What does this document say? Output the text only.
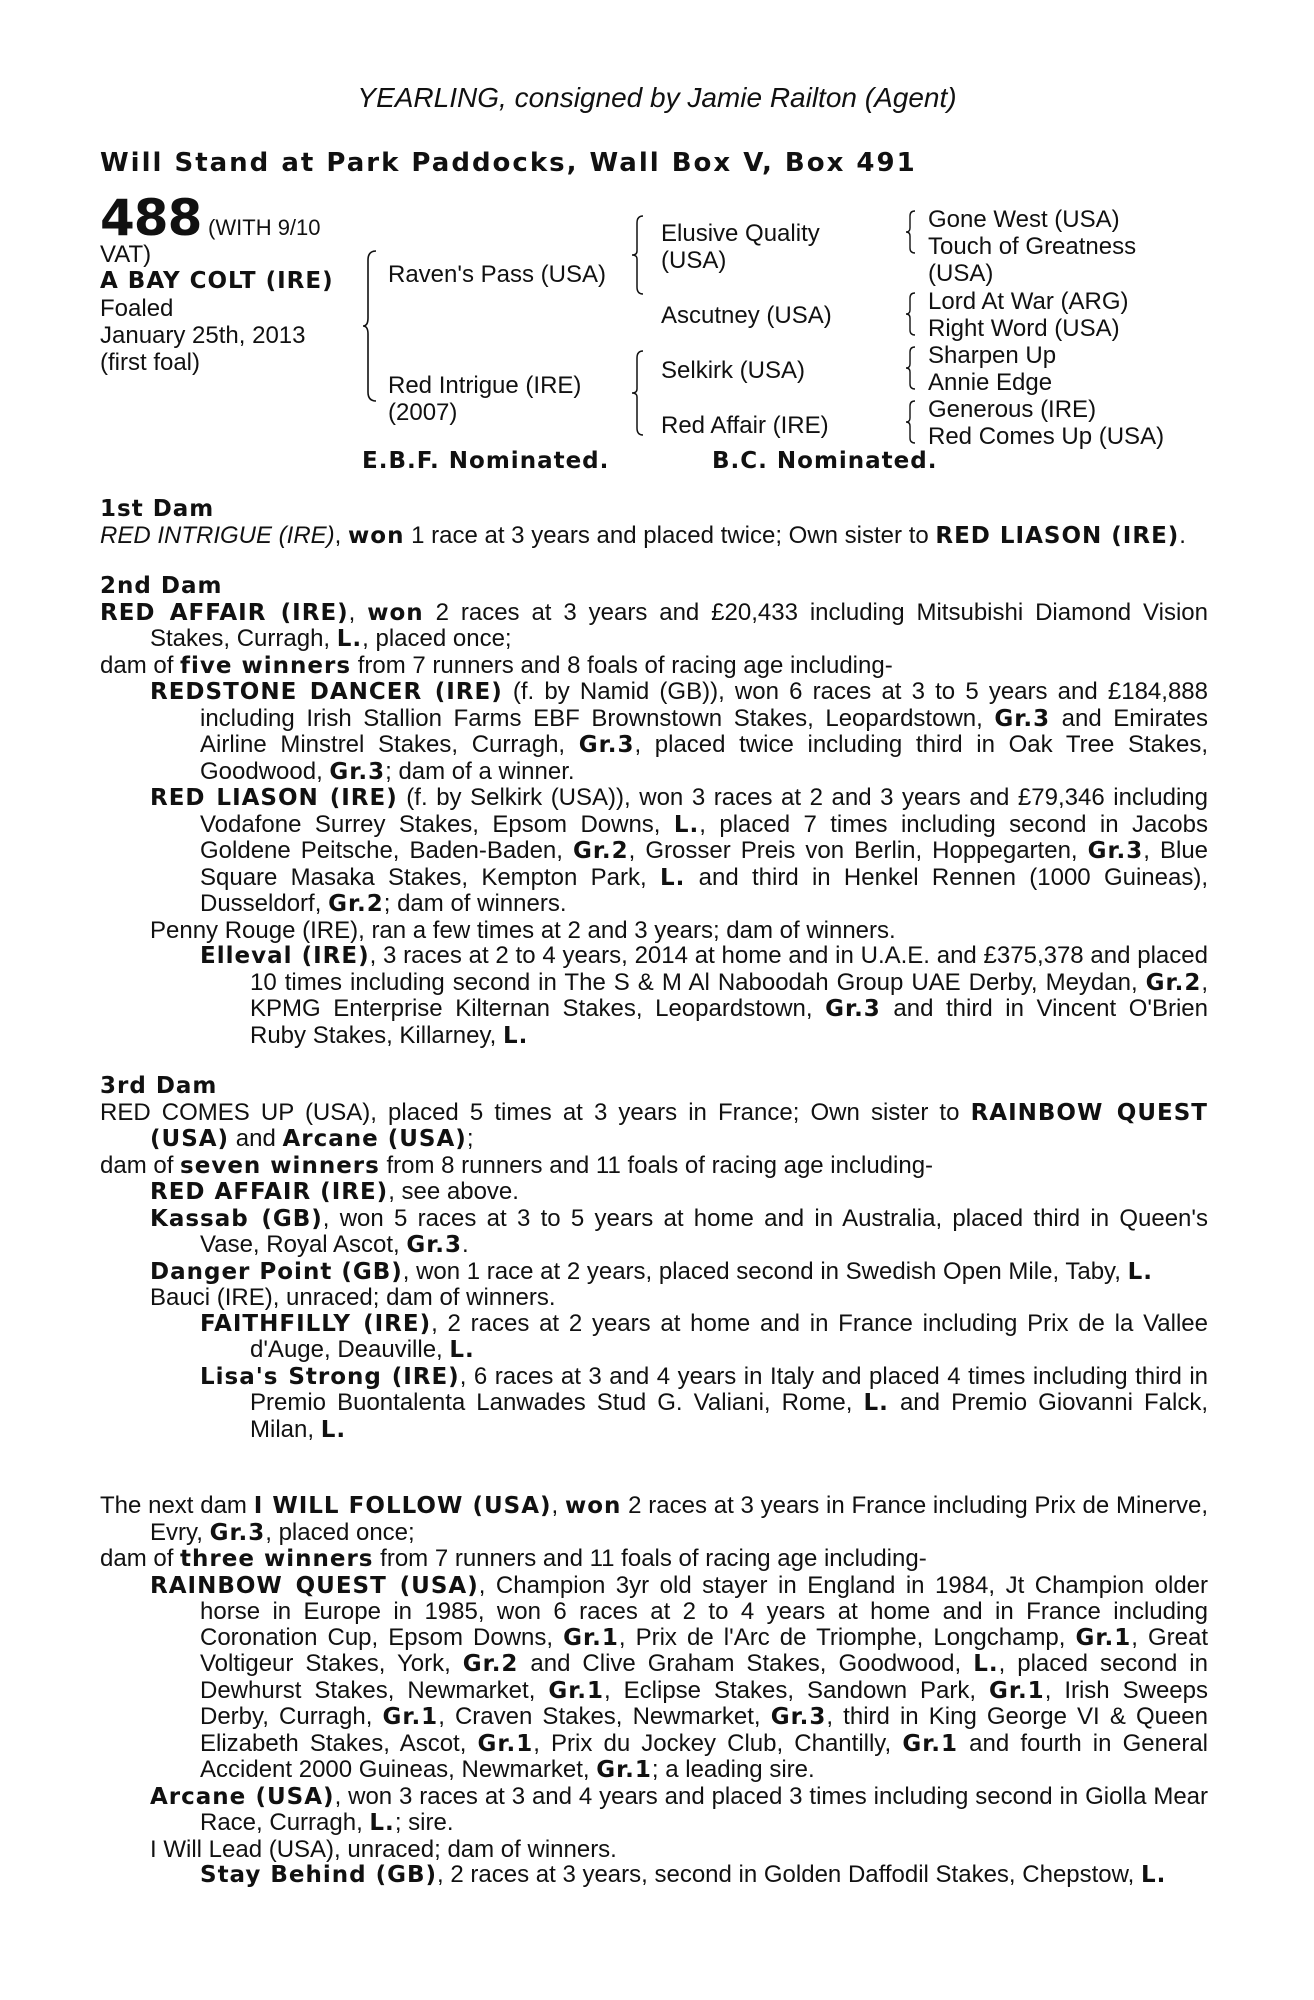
YEARLING, consigned by Jamie Railton (Agent)
Will Stand at Park Paddocks, Wall Box V, Box 491
488 (WITH 9/10
VAT)
A BAY COLT (IRE)
Foaled
January 25th, 2013
(first foal)
Raven's Pass (USA)
Red Intrigue (IRE)
(2007)
Elusive Quality
(USA)
Ascutney (USA)
Selkirk (USA)
Red Affair (IRE)
Gone West (USA)
Touch of Greatness
(USA)
Lord At War (ARG)
Right Word (USA)
Sharpen Up
Annie Edge
Generous (IRE)
Red Comes Up (USA)
E.B.F. Nominated.	B.C. Nominated.

1st Dam

RED INTRIGUE (IRE), won 1 race at 3 years and placed twice; Own sister to RED LIASON (IRE).

2nd Dam

RED AFFAIR (IRE), won 2 races at 3 years and £20,433 including Mitsubishi Diamond Vision Stakes, Curragh, L., placed once;

dam of five winners from 7 runners and 8 foals of racing age including-

REDSTONE DANCER (IRE) (f. by Namid (GB)), won 6 races at 3 to 5 years and £184,888 including Irish Stallion Farms EBF Brownstown Stakes, Leopardstown, Gr.3 and Emirates Airline Minstrel Stakes, Curragh, Gr.3, placed twice including third in Oak Tree Stakes, Goodwood, Gr.3; dam of a winner.

RED LIASON (IRE) (f. by Selkirk (USA)), won 3 races at 2 and 3 years and £79,346 including Vodafone Surrey Stakes, Epsom Downs, L., placed 7 times including second in Jacobs Goldene Peitsche, Baden-Baden, Gr.2, Grosser Preis von Berlin, Hoppegarten, Gr.3, Blue Square Masaka Stakes, Kempton Park, L. and third in Henkel Rennen (1000 Guineas), Dusseldorf, Gr.2; dam of winners.

Penny Rouge (IRE), ran a few times at 2 and 3 years; dam of winners.

Elleval (IRE), 3 races at 2 to 4 years, 2014 at home and in U.A.E. and £375,378 and placed 10 times including second in The S & M Al Naboodah Group UAE Derby, Meydan, Gr.2, KPMG Enterprise Kilternan Stakes, Leopardstown, Gr.3 and third in Vincent O'Brien Ruby Stakes, Killarney, L.

3rd Dam

RED COMES UP (USA), placed 5 times at 3 years in France; Own sister to RAINBOW QUEST (USA) and Arcane (USA);

dam of seven winners from 8 runners and 11 foals of racing age including-

RED AFFAIR (IRE), see above.

Kassab (GB), won 5 races at 3 to 5 years at home and in Australia, placed third in Queen's Vase, Royal Ascot, Gr.3.

Danger Point (GB), won 1 race at 2 years, placed second in Swedish Open Mile, Taby, L.

Bauci (IRE), unraced; dam of winners.

FAITHFILLY (IRE), 2 races at 2 years at home and in France including Prix de la Vallee d'Auge, Deauville, L.

Lisa's Strong (IRE), 6 races at 3 and 4 years in Italy and placed 4 times including third in Premio Buontalenta Lanwades Stud G. Valiani, Rome, L. and Premio Giovanni Falck, Milan, L.

The next dam I WILL FOLLOW (USA), won 2 races at 3 years in France including Prix de Minerve, Evry, Gr.3, placed once;

dam of three winners from 7 runners and 11 foals of racing age including-

RAINBOW QUEST (USA), Champion 3yr old stayer in England in 1984, Jt Champion older horse in Europe in 1985, won 6 races at 2 to 4 years at home and in France including Coronation Cup, Epsom Downs, Gr.1, Prix de l'Arc de Triomphe, Longchamp, Gr.1, Great Voltigeur Stakes, York, Gr.2 and Clive Graham Stakes, Goodwood, L., placed second in Dewhurst Stakes, Newmarket, Gr.1, Eclipse Stakes, Sandown Park, Gr.1, Irish Sweeps Derby, Curragh, Gr.1, Craven Stakes, Newmarket, Gr.3, third in King George VI & Queen Elizabeth Stakes, Ascot, Gr.1, Prix du Jockey Club, Chantilly, Gr.1 and fourth in General Accident 2000 Guineas, Newmarket, Gr.1; a leading sire.

Arcane (USA), won 3 races at 3 and 4 years and placed 3 times including second in Giolla Mear Race, Curragh, L.; sire.

I Will Lead (USA), unraced; dam of winners.

Stay Behind (GB), 2 races at 3 years, second in Golden Daffodil Stakes, Chepstow, L.
